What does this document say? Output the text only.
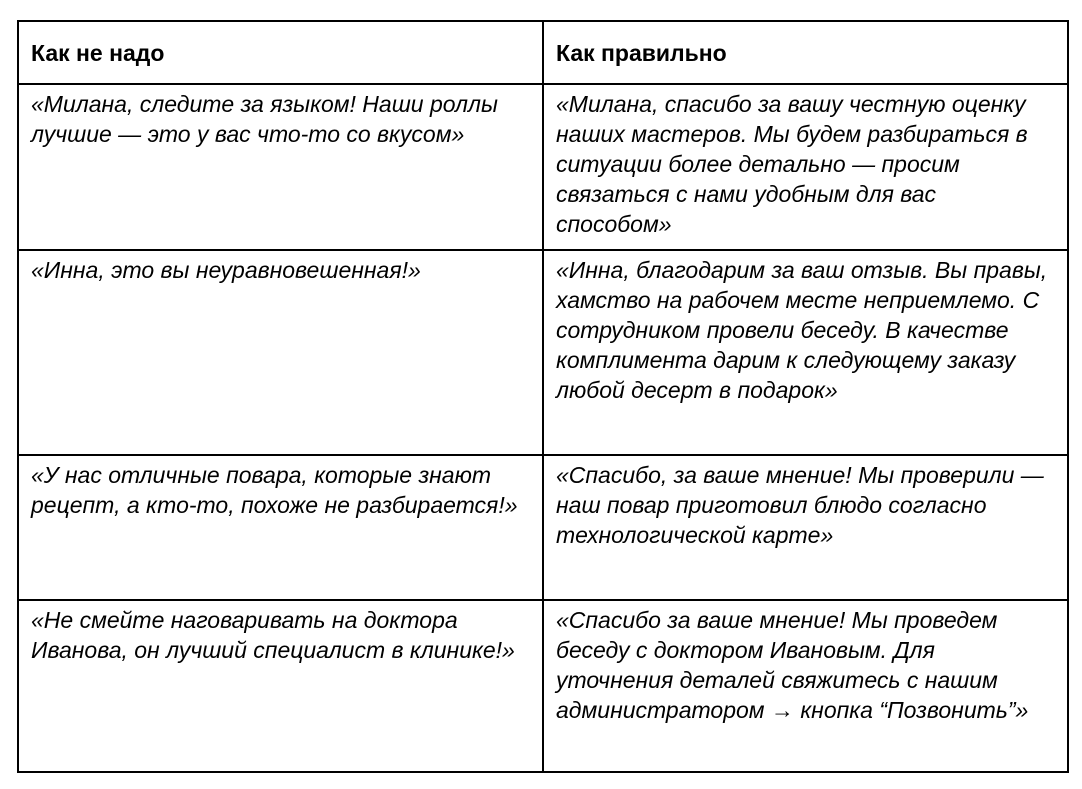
Как не надо	Как правильно
«Милана, следите за языком! Наши роллы лучшие — это у вас что-то со вкусом»	«Милана, спасибо за вашу честную оценку наших мастеров. Мы будем разбираться в ситуации более детально — просим связаться с нами удобным для вас способом»
«Инна, это вы неуравновешенная!»	«Инна, благодарим за ваш отзыв. Вы правы, хамство на рабочем месте неприемлемо. С сотрудником провели беседу. В качестве комплимента дарим к следующему заказу любой десерт в подарок»
«У нас отличные повара, которые знают рецепт, а кто-то, похоже не разбирается!»	«Спасибо, за ваше мнение! Мы проверили — наш повар приготовил блюдо согласно технологической карте»
«Не смейте наговаривать на доктора Иванова, он лучший специалист в клинике!»	«Спасибо за ваше мнение! Мы проведем беседу с доктором Ивановым. Для уточнения деталей свяжитесь с нашим администратором → кнопка “Позвонить”»
